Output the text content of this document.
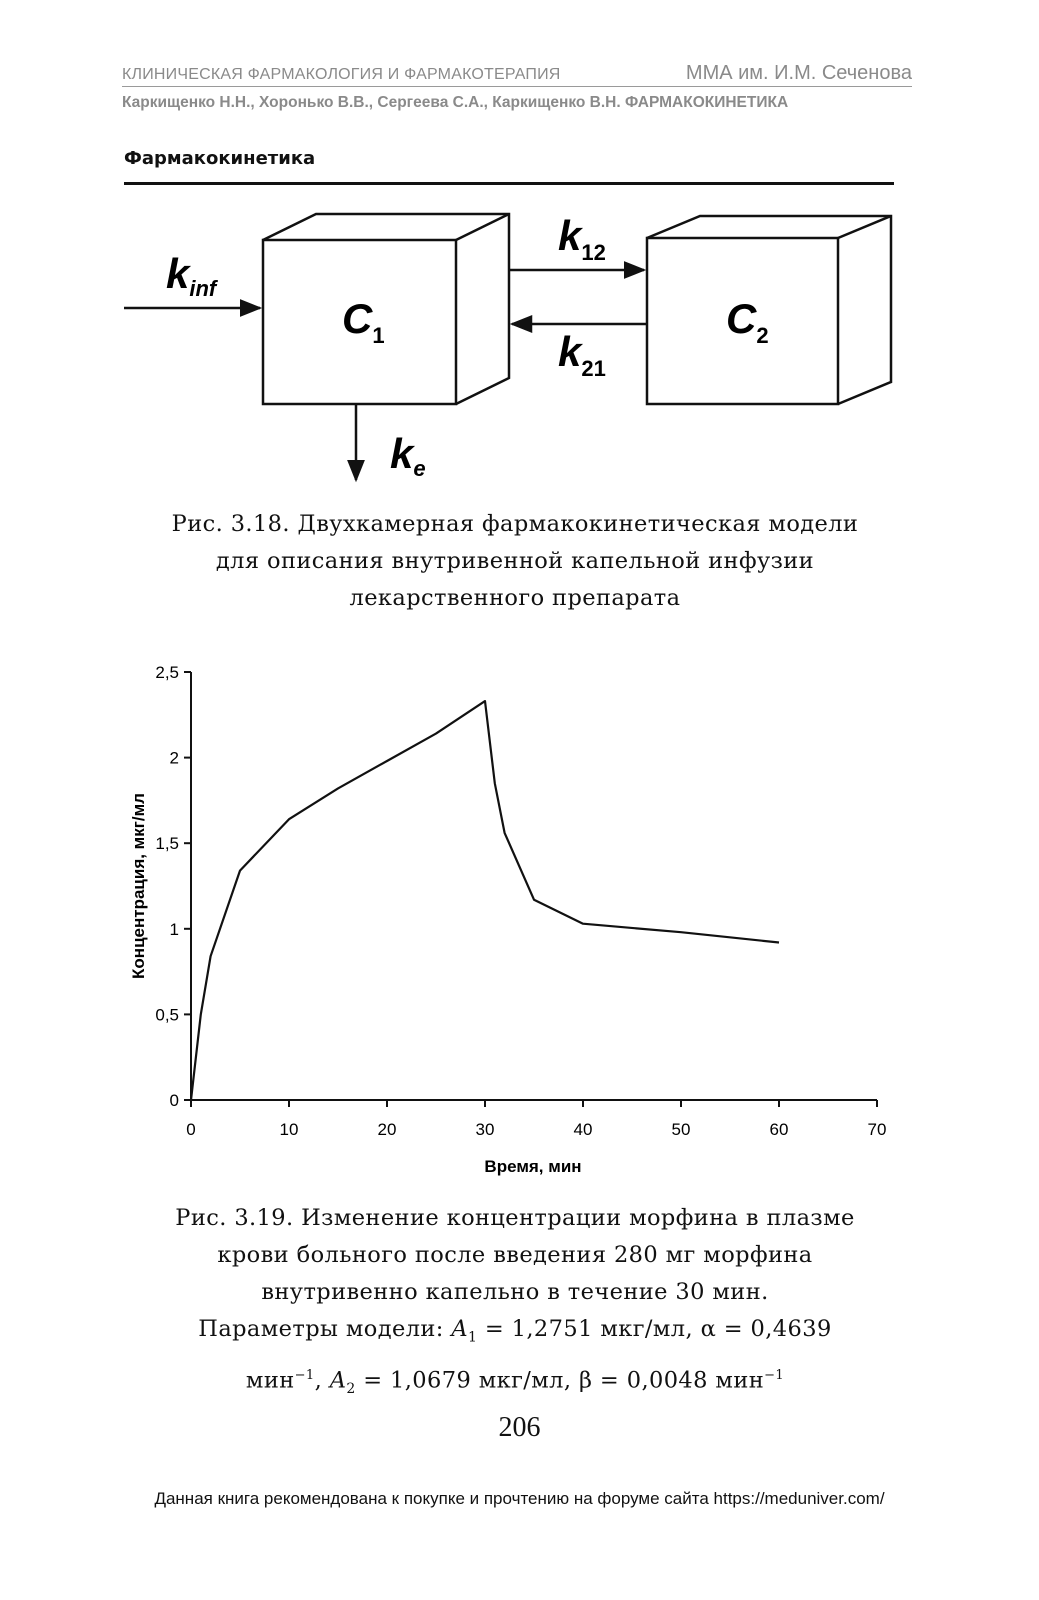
КЛИНИЧЕСКАЯ ФАРМАКОЛОГИЯ И ФАРМАКОТЕРАПИЯ	ММА им. И.М. Сеченова
Каркищенко Н.Н., Хоронько В.В., Сергеева С.А., Каркищенко В.Н. ФАРМАКОКИНЕТИКА
Фармакокинетика
kinf
$C_1$	$C_2$
$k_{12}$
$k_{21}$
ke
Рис. 3.18. Двухкамерная фармакокинетическая модели
для описания внутривенной капельной инфузии
лекарственного препарата
0	10	20	30	40	50	60	70
0
0,5
1
1,5
2
2,5
Время, мин
Концентрация, мкг/мл
Рис. 3.19. Изменение концентрации морфина в плазме
крови больного после введения 280 мг морфина
внутривенно капельно в течение 30 мин.
Параметры модели: $A_1 = 1,2751$ мкг/мл, α = 0,4639
мин$^{-1}$, $A_2 = 1,0679$ мкг/мл, β = 0,0048 мин$^{-1}$
206
Данная книга рекомендована к покупке и прочтению на форуме сайта https://meduniver.com/
